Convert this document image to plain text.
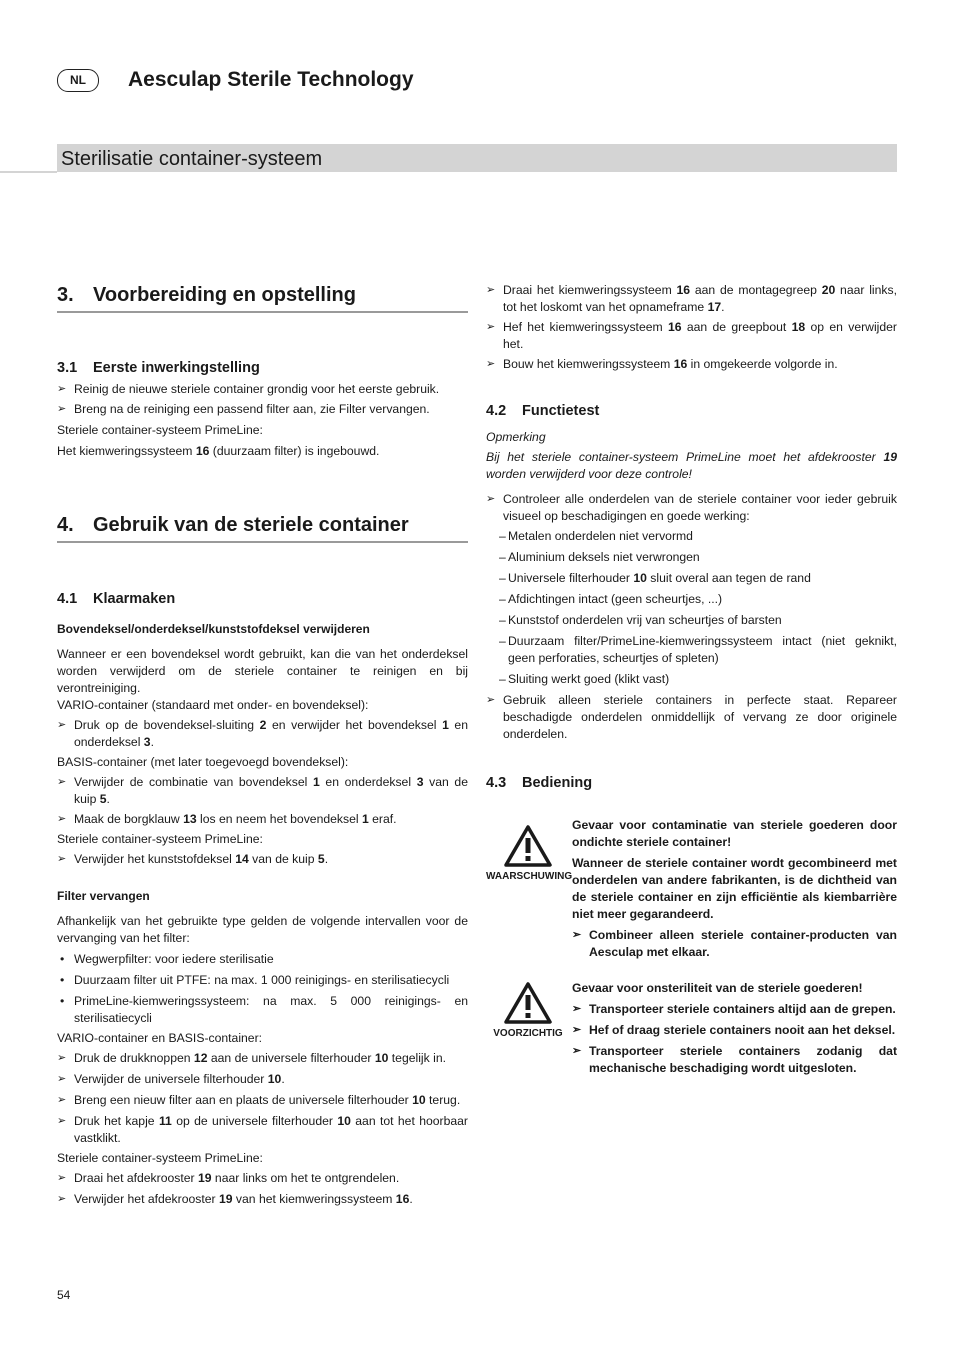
NL	Aesculap Sterile Technology
Sterilisatie container-systeem
3. Voorbereiding en opstelling
3.1 Eerste inwerkingstelling

➢ Reinig de nieuwe steriele container grondig voor het eerste gebruik.

➢ Breng na de reiniging een passend filter aan, zie Filter vervangen.

Steriele container-systeem PrimeLine:

Het kiemweringssysteem 16 (duurzaam filter) is ingebouwd.

4. Gebruik van de steriele container
4.1 Klaarmaken
Bovendeksel/onderdeksel/kunststofdeksel verwijderen

Wanneer er een bovendeksel wordt gebruikt, kan die van het onderdeksel worden verwijderd om de steriele container te reinigen en bij verontreiniging.

VARIO-container (standaard met onder- en bovendeksel):

➢ Druk op de bovendeksel-sluiting 2 en verwijder het bovendeksel 1 en onderdeksel 3.

BASIS-container (met later toegevoegd bovendeksel):

➢ Verwijder de combinatie van bovendeksel 1 en onderdeksel 3 van de kuip 5.

➢ Maak de borgklauw 13 los en neem het bovendeksel 1 eraf.

Steriele container-systeem PrimeLine:

➢ Verwijder het kunststofdeksel 14 van de kuip 5.

Filter vervangen

Afhankelijk van het gebruikte type gelden de volgende intervallen voor de vervanging van het filter:

• Wegwerpfilter: voor iedere sterilisatie

• Duurzaam filter uit PTFE: na max. 1 000 reinigings- en sterilisatiecycli

• PrimeLine-kiemweringssysteem: na max. 5 000 reinigings- en sterilisatiecycli

VARIO-container en BASIS-container:

➢ Druk de drukknoppen 12 aan de universele filterhouder 10 tegelijk in.

➢ Verwijder de universele filterhouder 10.

➢ Breng een nieuw filter aan en plaats de universele filterhouder 10 terug.

➢ Druk het kapje 11 op de universele filterhouder 10 aan tot het hoorbaar vastklikt.

Steriele container-systeem PrimeLine:

➢ Draai het afdekrooster 19 naar links om het te ontgrendelen.

➢ Verwijder het afdekrooster 19 van het kiemweringssysteem 16.

➢ Draai het kiemweringssysteem 16 aan de montagegreep 20 naar links, tot het loskomt van het opnameframe 17.

➢ Hef het kiemweringssysteem 16 aan de greepbout 18 op en verwijder het.

➢ Bouw het kiemweringssysteem 16 in omgekeerde volgorde in.

4.2 Functietest

Opmerking

Bij het steriele container-systeem PrimeLine moet het afdekrooster 19 worden verwijderd voor deze controle!

➢ Controleer alle onderdelen van de steriele container voor ieder gebruik visueel op beschadigingen en goede werking:

– Metalen onderdelen niet vervormd

– Aluminium deksels niet verwrongen

– Universele filterhouder 10 sluit overal aan tegen de rand

– Afdichtingen intact (geen scheurtjes, ...)

– Kunststof onderdelen vrij van scheurtjes of barsten

– Duurzaam filter/PrimeLine-kiemweringssysteem intact (niet geknikt, geen perforaties, scheurtjes of spleten)

– Sluiting werkt goed (klikt vast)

➢ Gebruik alleen steriele containers in perfecte staat. Repareer beschadigde onderdelen onmiddellijk of vervang ze door originele onderdelen.

4.3 Bediening
WAARSCHUWING

Gevaar voor contaminatie van steriele goederen door ondichte steriele container!

Wanneer de steriele container wordt gecombineerd met onderdelen van andere fabrikanten, is de dichtheid van de steriele container en zijn efficiëntie als kiembarrière niet meer gegarandeerd.

➢ Combineer alleen steriele container-producten van Aesculap met elkaar.

VOORZICHTIG

Gevaar voor onsteriliteit van de steriele goederen!

➢ Transporteer steriele containers altijd aan de grepen.

➢ Hef of draag steriele containers nooit aan het deksel.

➢ Transporteer steriele containers zodanig dat mechanische beschadiging wordt uitgesloten.

54
